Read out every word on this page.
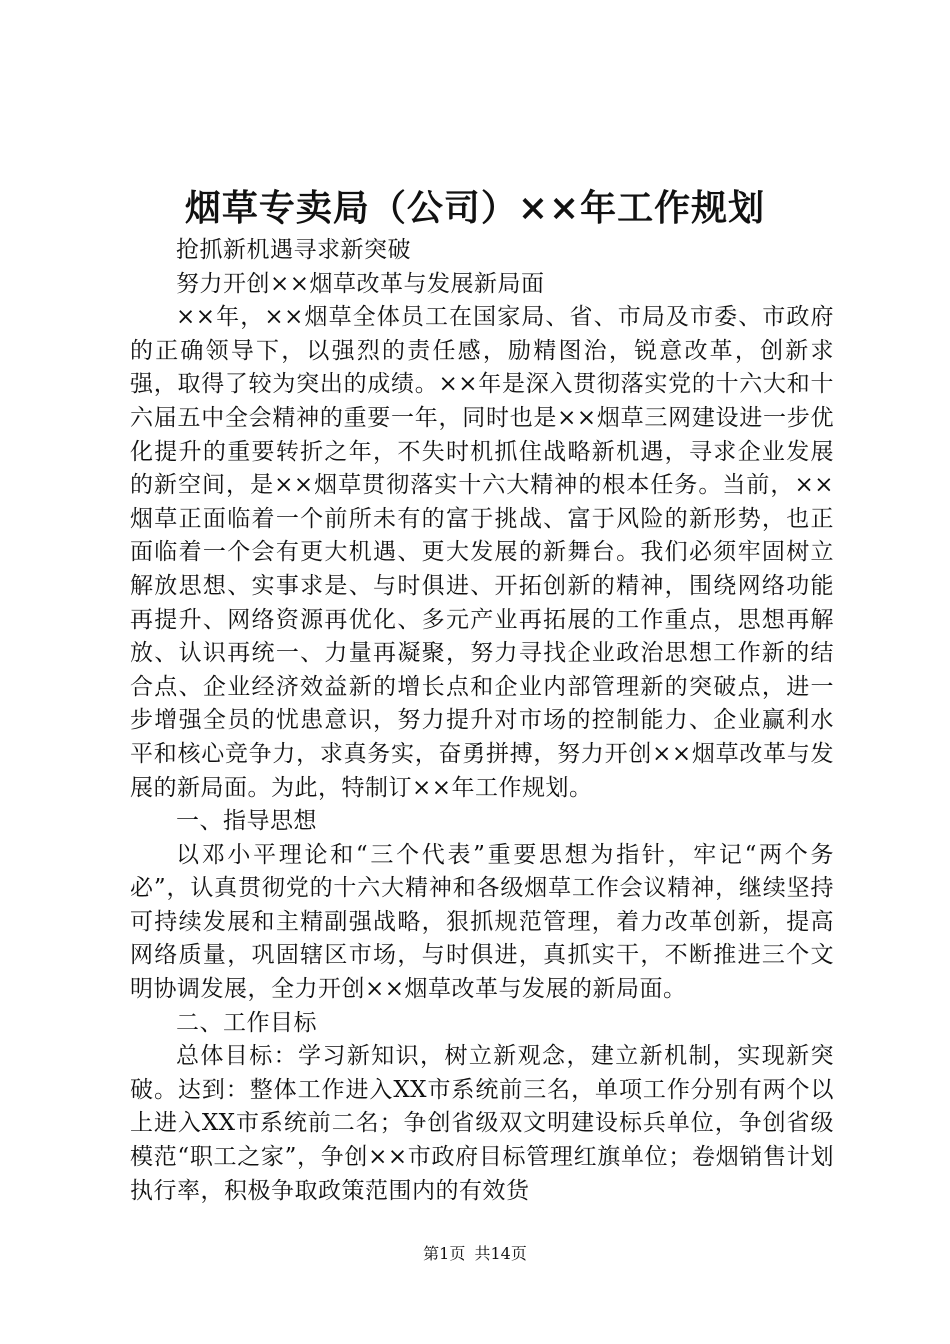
烟草专卖局（公司）××年工作规划

抢抓新机遇寻求新突破

努力开创××烟草改革与发展新局面

××年，××烟草全体员工在国家局、省、市局及市委、市政府的正确领导下，以强烈的责任感，励精图治，锐意改革，创新求强，取得了较为突出的成绩。××年是深入贯彻落实党的十六大和十六届五中全会精神的重要一年，同时也是××烟草三网建设进一步优化提升的重要转折之年，不失时机抓住战略新机遇，寻求企业发展的新空间，是××烟草贯彻落实十六大精神的根本任务。当前，××烟草正面临着一个前所未有的富于挑战、富于风险的新形势，也正面临着一个会有更大机遇、更大发展的新舞台。我们必须牢固树立解放思想、实事求是、与时俱进、开拓创新的精神，围绕网络功能再提升、网络资源再优化、多元产业再拓展的工作重点，思想再解放、认识再统一、力量再凝聚，努力寻找企业政治思想工作新的结合点、企业经济效益新的增长点和企业内部管理新的突破点，进一步增强全员的忧患意识，努力提升对市场的控制能力、企业赢利水平和核心竞争力，求真务实，奋勇拼搏，努力开创××烟草改革与发展的新局面。为此，特制订××年工作规划。

一、指导思想

以邓小平理论和“三个代表”重要思想为指针，牢记“两个务必”，认真贯彻党的十六大精神和各级烟草工作会议精神，继续坚持可持续发展和主精副强战略，狠抓规范管理，着力改革创新，提高网络质量，巩固辖区市场，与时俱进，真抓实干，不断推进三个文明协调发展，全力开创××烟草改革与发展的新局面。

二、工作目标

总体目标：学习新知识，树立新观念，建立新机制，实现新突破。达到：整体工作进入XX市系统前三名，单项工作分别有两个以上进入XX市系统前二名；争创省级双文明建设标兵单位，争创省级模范“职工之家”，争创××市政府目标管理红旗单位；卷烟销售计划执行率，积极争取政策范围内的有效货

第1页 共14页
